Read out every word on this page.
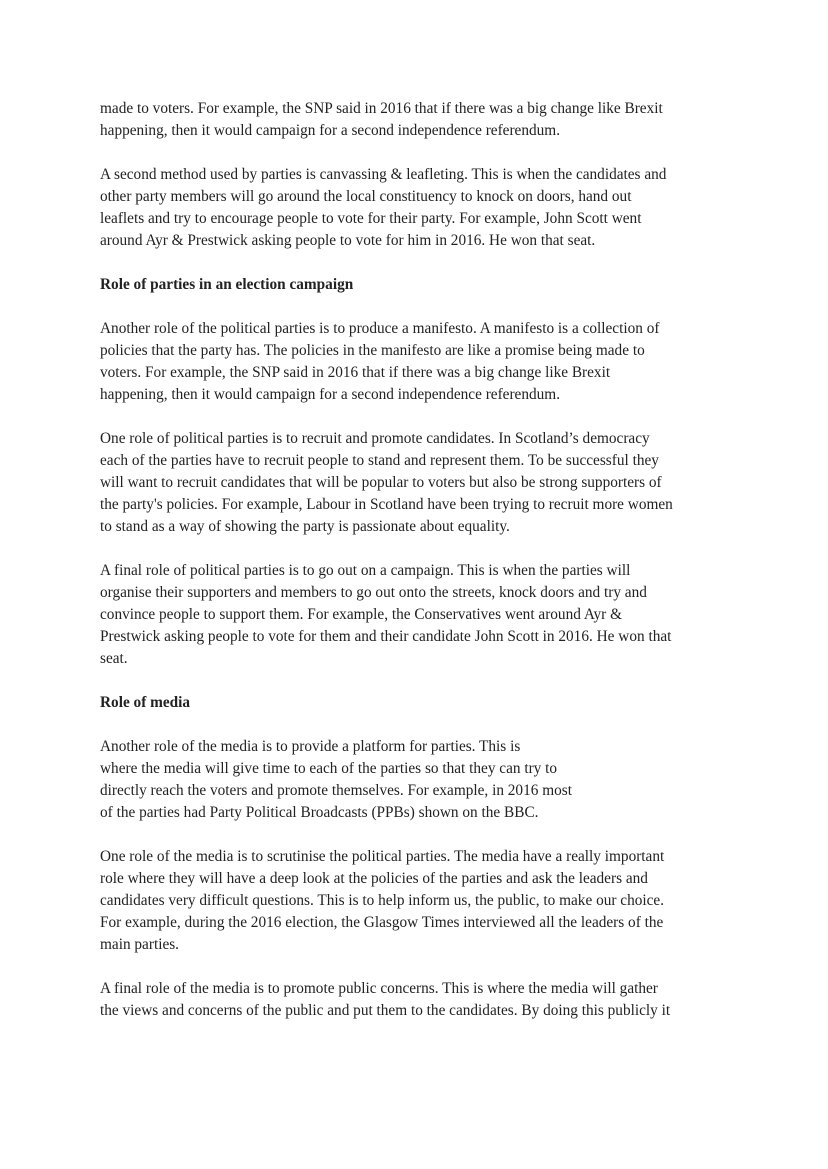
made to voters. For example, the SNP said in 2016 that if there was a big change like Brexit
happening, then it would campaign for a second independence referendum.
A second method used by parties is canvassing & leafleting. This is when the candidates and
other party members will go around the local constituency to knock on doors, hand out
leaflets and try to encourage people to vote for their party. For example, John Scott went
around Ayr & Prestwick asking people to vote for him in 2016. He won that seat.
Role of parties in an election campaign
Another role of the political parties is to produce a manifesto. A manifesto is a collection of
policies that the party has. The policies in the manifesto are like a promise being made to
voters. For example, the SNP said in 2016 that if there was a big change like Brexit
happening, then it would campaign for a second independence referendum.
One role of political parties is to recruit and promote candidates. In Scotland’s democracy
each of the parties have to recruit people to stand and represent them. To be successful they
will want to recruit candidates that will be popular to voters but also be strong supporters of
the party's policies. For example, Labour in Scotland have been trying to recruit more women
to stand as a way of showing the party is passionate about equality.
A final role of political parties is to go out on a campaign. This is when the parties will
organise their supporters and members to go out onto the streets, knock doors and try and
convince people to support them. For example, the Conservatives went around Ayr &
Prestwick asking people to vote for them and their candidate John Scott in 2016. He won that
seat.
Role of media
Another role of the media is to provide a platform for parties. This is
where the media will give time to each of the parties so that they can try to
directly reach the voters and promote themselves. For example, in 2016 most
of the parties had Party Political Broadcasts (PPBs) shown on the BBC.
One role of the media is to scrutinise the political parties. The media have a really important
role where they will have a deep look at the policies of the parties and ask the leaders and
candidates very difficult questions. This is to help inform us, the public, to make our choice.
For example, during the 2016 election, the Glasgow Times interviewed all the leaders of the
main parties.
A final role of the media is to promote public concerns. This is where the media will gather
the views and concerns of the public and put them to the candidates. By doing this publicly it
